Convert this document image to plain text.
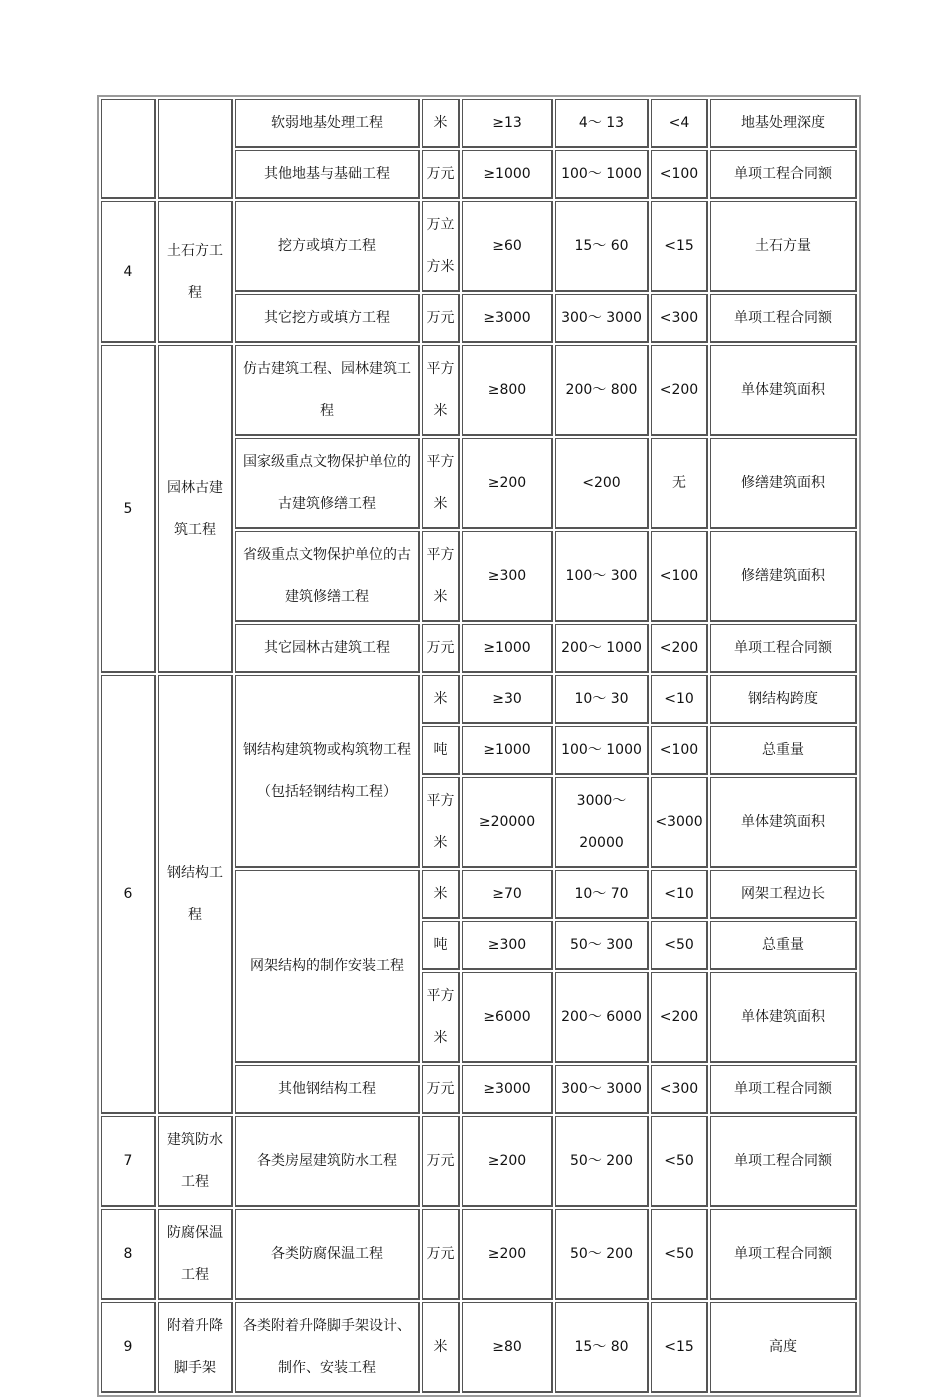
		软弱地基处理工程	米	≥13	4～ 13	<4	地基处理深度
		其他地基与基础工程	万元	≥1000	100～ 1000	<100	单项工程合同额
4	土石方工程	挖方或填方工程	万立方米	≥60	15～ 60	<15	土石方量
		其它挖方或填方工程	万元	≥3000	300～ 3000	<300	单项工程合同额
5	园林古建筑工程	仿古建筑工程、园林建筑工程	平方米	≥800	200～ 800	<200	单体建筑面积
		国家级重点文物保护单位的古建筑修缮工程	平方米	≥200	<200	无	修缮建筑面积
		省级重点文物保护单位的古建筑修缮工程	平方米	≥300	100～ 300	<100	修缮建筑面积
		其它园林古建筑工程	万元	≥1000	200～ 1000	<200	单项工程合同额
6	钢结构工程	钢结构建筑物或构筑物工程（包括轻钢结构工程）	米	≥30	10～ 30	<10	钢结构跨度
			吨	≥1000	100～ 1000	<100	总重量
			平方米	≥20000	3000～ 20000	<3000	单体建筑面积
		网架结构的制作安装工程	米	≥70	10～ 70	<10	网架工程边长
			吨	≥300	50～ 300	<50	总重量
			平方米	≥6000	200～ 6000	<200	单体建筑面积
		其他钢结构工程	万元	≥3000	300～ 3000	<300	单项工程合同额
7	建筑防水工程	各类房屋建筑防水工程	万元	≥200	50～ 200	<50	单项工程合同额
8	防腐保温工程	各类防腐保温工程	万元	≥200	50～ 200	<50	单项工程合同额
9	附着升降脚手架	各类附着升降脚手架设计、制作、安装工程	米	≥80	15～ 80	<15	高度
